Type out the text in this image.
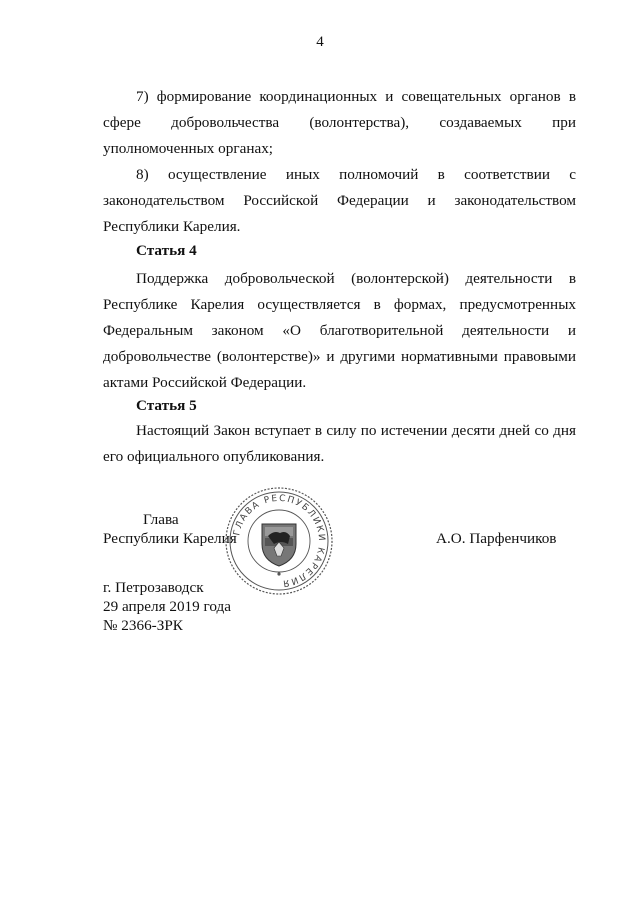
4

7) формирование координационных и совещательных органов в сфере добровольчества (волонтерства), создаваемых при уполномоченных органах;

8) осуществление иных полномочий в соответствии с законодательством Российской Федерации и законодательством Республики Карелия.

Статья 4

Поддержка добровольческой (волонтерской) деятельности в Республике Карелия осуществляется в формах, предусмотренных Федеральным законом «О благотворительной деятельности и добровольчестве (волонтерстве)» и другими нормативными правовыми актами Российской Федерации.

Статья 5

Настоящий Закон вступает в силу по истечении десяти дней со дня его официального опубликования.

Глава
Республики Карелия	А.О. Парфенчиков
г. Петрозаводск
29 апреля 2019 года
№ 2366-ЗРК
ГЛАВА РЕСПУБЛИКИ КАРЕЛИЯ
